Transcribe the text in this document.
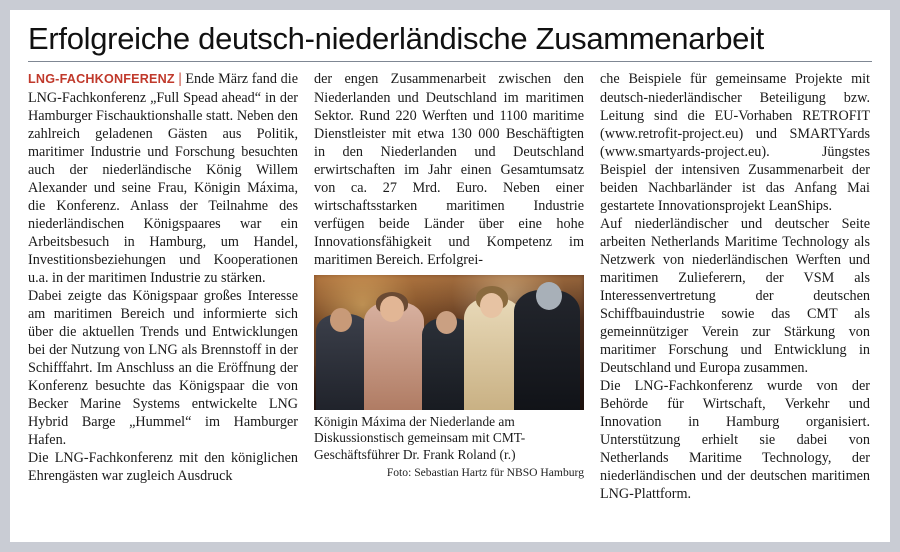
Erfolgreiche deutsch-niederländische Zusammenarbeit

LNG-FACHKONFERENZ | Ende März fand die LNG-Fachkonferenz „Full Spead ahead“ in der Hamburger Fischauktionshalle statt. Neben den zahlreich geladenen Gästen aus Politik, maritimer Industrie und Forschung besuchten auch der niederländische König Willem Alexander und seine Frau, Königin Máxima, die Konferenz. Anlass der Teilnahme des niederländischen Königspaares war ein Arbeitsbesuch in Hamburg, um Handel, Investitionsbeziehungen und Kooperationen u.a. in der maritimen Industrie zu stärken.

Dabei zeigte das Königspaar großes Interesse am maritimen Bereich und informierte sich über die aktuellen Trends und Entwicklungen bei der Nutzung von LNG als Brennstoff in der Schifffahrt. Im Anschluss an die Eröffnung der Konferenz besuchte das Königspaar die von Becker Marine Systems entwickelte LNG Hybrid Barge „Hummel“ im Hamburger Hafen.

Die LNG-Fachkonferenz mit den königlichen Ehrengästen war zugleich Ausdruck

der engen Zusammenarbeit zwischen den Niederlanden und Deutschland im maritimen Sektor. Rund 220 Werften und 1100 maritime Dienstleister mit etwa 130 000 Beschäftigten in den Niederlanden und Deutschland erwirtschaften im Jahr einen Gesamtumsatz von ca. 27 Mrd. Euro. Neben einer wirtschaftsstarken maritimen Industrie verfügen beide Länder über eine hohe Innovationsfähigkeit und Kompetenz im maritimen Bereich. Erfolgrei-

Königin Máxima der Niederlande am Diskussionstisch gemeinsam mit CMT-Geschäftsführer Dr. Frank Roland (r.)
Foto: Sebastian Hartz für NBSO Hamburg

che Beispiele für gemeinsame Projekte mit deutsch-niederländischer Beteiligung bzw. Leitung sind die EU-Vorhaben RETROFIT (www.retrofit-project.eu) und SMARTYards (www.smartyards-project.eu). Jüngstes Beispiel der intensiven Zusammenarbeit der beiden Nachbarländer ist das Anfang Mai gestartete Innovationsprojekt LeanShips.

Auf niederländischer und deutscher Seite arbeiten Netherlands Maritime Technology als Netzwerk von niederländischen Werften und maritimen Zulieferern, der VSM als Interessenvertretung der deutschen Schiffbauindustrie sowie das CMT als gemeinnütziger Verein zur Stärkung von maritimer Forschung und Entwicklung in Deutschland und Europa zusammen.

Die LNG-Fachkonferenz wurde von der Behörde für Wirtschaft, Verkehr und Innovation in Hamburg organisiert. Unterstützung erhielt sie dabei von Netherlands Maritime Technology, der niederländischen und der deutschen maritimen LNG-Plattform.
